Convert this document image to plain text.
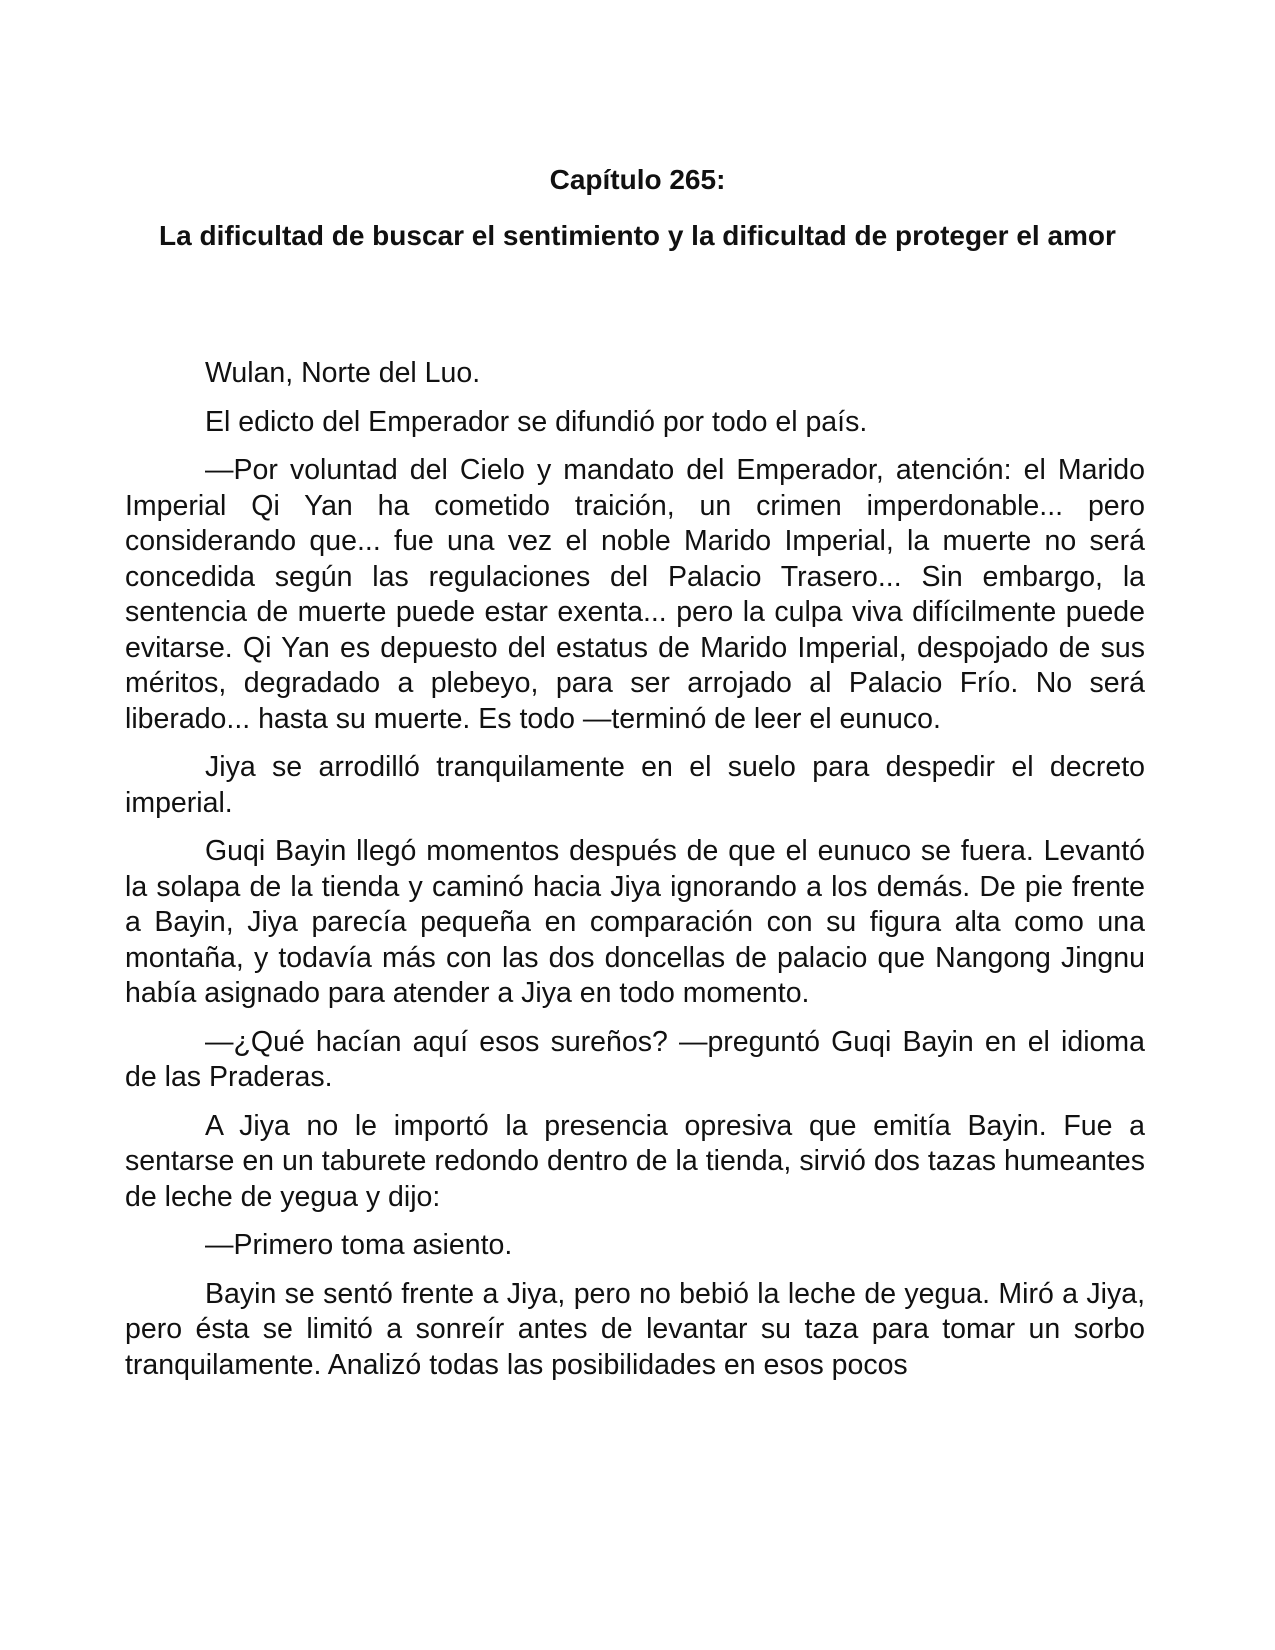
Capítulo 265:
La dificultad de buscar el sentimiento y la dificultad de proteger el amor

Wulan, Norte del Luo.

El edicto del Emperador se difundió por todo el país.

—Por voluntad del Cielo y mandato del Emperador, atención: el Marido Imperial Qi Yan ha cometido traición, un crimen imperdonable... pero considerando que... fue una vez el noble Marido Imperial, la muerte no será concedida según las regulaciones del Palacio Trasero... Sin embargo, la sentencia de muerte puede estar exenta... pero la culpa viva difícilmente puede evitarse. Qi Yan es depuesto del estatus de Marido Imperial, despojado de sus méritos, degradado a plebeyo, para ser arrojado al Palacio Frío. No será liberado... hasta su muerte. Es todo —terminó de leer el eunuco.

Jiya se arrodilló tranquilamente en el suelo para despedir el decreto imperial.

Guqi Bayin llegó momentos después de que el eunuco se fuera. Levantó la solapa de la tienda y caminó hacia Jiya ignorando a los demás. De pie frente a Bayin, Jiya parecía pequeña en comparación con su figura alta como una montaña, y todavía más con las dos doncellas de palacio que Nangong Jingnu había asignado para atender a Jiya en todo momento.

—¿Qué hacían aquí esos sureños? —preguntó Guqi Bayin en el idioma de las Praderas.

A Jiya no le importó la presencia opresiva que emitía Bayin. Fue a sentarse en un taburete redondo dentro de la tienda, sirvió dos tazas humeantes de leche de yegua y dijo:

—Primero toma asiento.

Bayin se sentó frente a Jiya, pero no bebió la leche de yegua. Miró a Jiya, pero ésta se limitó a sonreír antes de levantar su taza para tomar un sorbo tranquilamente. Analizó todas las posibilidades en esos pocos
